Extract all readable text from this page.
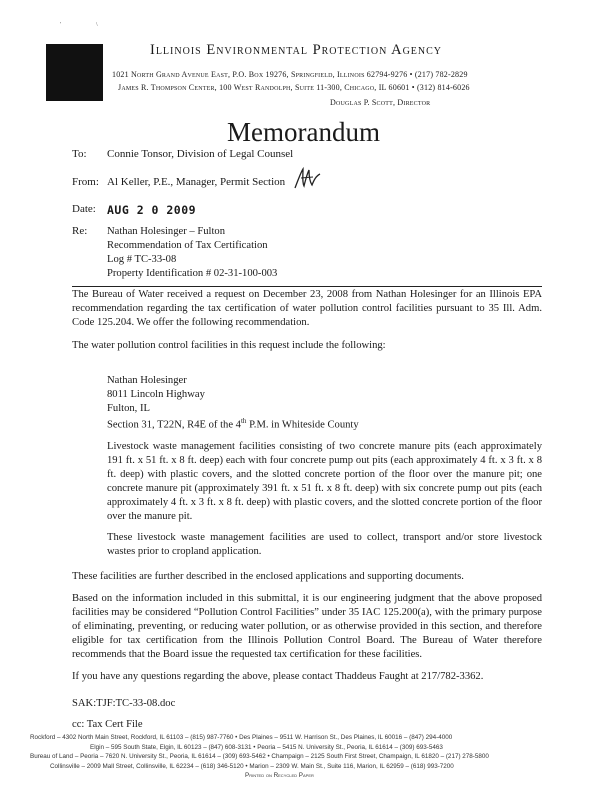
'	\
Illinois Environmental Protection Agency
1021 North Grand Avenue East, P.O. Box 19276, Springfield, Illinois 62794-9276 • (217) 782-2829
James R. Thompson Center, 100 West Randolph, Suite 11-300, Chicago, IL 60601 • (312) 814-6026
Douglas P. Scott, Director
Memorandum
To: Connie Tonsor, Division of Legal Counsel
From: Al Keller, P.E., Manager, Permit Section
Date: AUG 2 0 2009
Re: Nathan Holesinger – Fulton
Recommendation of Tax Certification
Log # TC-33-08
Property Identification # 02-31-100-003
The Bureau of Water received a request on December 23, 2008 from Nathan Holesinger for an Illinois EPA recommendation regarding the tax certification of water pollution control facilities pursuant to 35 Ill. Adm. Code 125.204. We offer the following recommendation.
The water pollution control facilities in this request include the following:
Nathan Holesinger
8011 Lincoln Highway
Fulton, IL
Section 31, T22N, R4E of the 4th P.M. in Whiteside County
Livestock waste management facilities consisting of two concrete manure pits (each approximately 191 ft. x 51 ft. x 8 ft. deep) each with four concrete pump out pits (each approximately 4 ft. x 3 ft. x 8 ft. deep) with plastic covers, and the slotted concrete portion of the floor over the manure pit; one concrete manure pit (approximately 391 ft. x 51 ft. x 8 ft. deep) with six concrete pump out pits (each approximately 4 ft. x 3 ft. x 8 ft. deep) with plastic covers, and the slotted concrete portion of the floor over the manure pit.
These livestock waste management facilities are used to collect, transport and/or store livestock wastes prior to cropland application.
These facilities are further described in the enclosed applications and supporting documents.
Based on the information included in this submittal, it is our engineering judgment that the above proposed facilities may be considered “Pollution Control Facilities” under 35 IAC 125.200(a), with the primary purpose of eliminating, preventing, or reducing water pollution, or as otherwise provided in this section, and therefore eligible for tax certification from the Illinois Pollution Control Board. The Bureau of Water therefore recommends that the Board issue the requested tax certification for these facilities.
If you have any questions regarding the above, please contact Thaddeus Faught at 217/782-3362.
SAK:TJF:TC-33-08.doc
cc: Tax Cert File
Rockford – 4302 North Main Street, Rockford, IL 61103 – (815) 987-7760 • Des Plaines – 9511 W. Harrison St., Des Plaines, IL 60016 – (847) 294-4000
Elgin – 595 South State, Elgin, IL 60123 – (847) 608-3131 • Peoria – 5415 N. University St., Peoria, IL 61614 – (309) 693-5463
Bureau of Land – Peoria – 7620 N. University St., Peoria, IL 61614 – (309) 693-5462 • Champaign – 2125 South First Street, Champaign, IL 61820 – (217) 278-5800
Collinsville – 2009 Mall Street, Collinsville, IL 62234 – (618) 346-5120 • Marion – 2309 W. Main St., Suite 116, Marion, IL 62959 – (618) 993-7200
Printed on Recycled Paper
